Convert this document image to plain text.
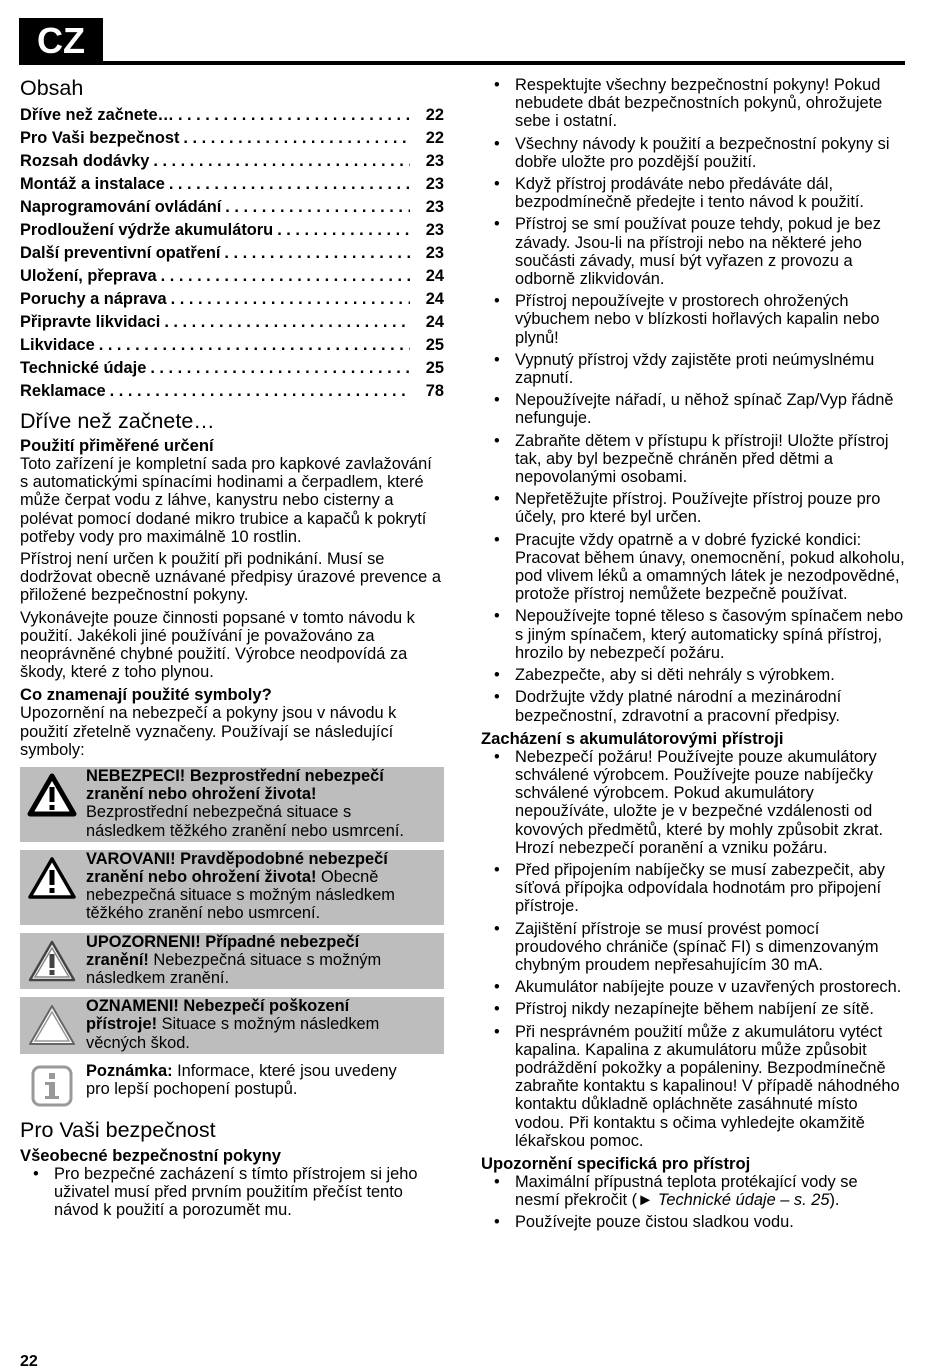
CZ
Obsah
Dříve než začnete… . . .	22
Pro Vaši bezpečnost . . .	22
Rozsah dodávky . . .	23
Montáž a instalace . . .	23
Naprogramování ovládání . . .	23
Prodloužení výdrže akumulátoru . . .	23
Další preventivní opatření . . .	23
Uložení, přeprava . . .	24
Poruchy a náprava . . .	24
Připravte likvidaci . . .	24
Likvidace . . .	25
Technické údaje . . .	25
Reklamace . . .	78
Dříve než začnete…
Použití přiměřené určení

Toto zařízení je kompletní sada pro kapkové zavlažování s automatickými spínacími hodinami a čerpadlem, které může čerpat vodu z láhve, kanystru nebo cisterny a polévat pomocí dodané mikro trubice a kapačů k pokrytí potřeby vody pro maximálně 10 rostlin.

Přístroj není určen k použití při podnikání. Musí se dodržovat obecně uznávané předpisy úrazové prevence a přiložené bezpečnostní pokyny.

Vykonávejte pouze činnosti popsané v tomto návodu k použití. Jakékoli jiné používání je považováno za neoprávněné chybné použití. Výrobce neodpovídá za škody, které z toho plynou.

Co znamenají použité symboly?

Upozornění na nebezpečí a pokyny jsou v návodu k použití zřetelně vyznačeny. Používají se následující symboly:

NEBEZPECI! Bezprostřední nebezpečí zranění nebo ohrožení života! Bezprostřední nebezpečná situace s následkem těžkého zranění nebo usmrcení.
VAROVANI! Pravděpodobné nebezpečí zranění nebo ohrožení života! Obecně nebezpečná situace s možným následkem těžkého zranění nebo usmrcení.
UPOZORNENI! Případné nebezpečí zranění! Nebezpečná situace s možným následkem zranění.
OZNAMENI! Nebezpečí poškození přístroje! Situace s možným následkem věcných škod.
Poznámka: Informace, které jsou uvedeny pro lepší pochopení postupů.
Pro Vaši bezpečnost
Všeobecné bezpečnostní pokyny
• Pro bezpečné zacházení s tímto přístrojem si jeho uživatel musí před prvním použitím přečíst tento návod k použití a porozumět mu.
• Respektujte všechny bezpečnostní pokyny! Pokud nebudete dbát bezpečnostních pokynů, ohrožujete sebe i ostatní.
• Všechny návody k použití a bezpečnostní pokyny si dobře uložte pro pozdější použití.
• Když přístroj prodáváte nebo předáváte dál, bezpodmínečně předejte i tento návod k použití.
• Přístroj se smí používat pouze tehdy, pokud je bez závady. Jsou-li na přístroji nebo na některé jeho součásti závady, musí být vyřazen z provozu a odborně zlikvidován.
• Přístroj nepoužívejte v prostorech ohrožených výbuchem nebo v blízkosti hořlavých kapalin nebo plynů!
• Vypnutý přístroj vždy zajistěte proti neúmyslnému zapnutí.
• Nepoužívejte nářadí, u něhož spínač Zap/Vyp řádně nefunguje.
• Zabraňte dětem v přístupu k přístroji! Uložte přístroj tak, aby byl bezpečně chráněn před dětmi a nepovolanými osobami.
• Nepřetěžujte přístroj. Používejte přístroj pouze pro účely, pro které byl určen.
• Pracujte vždy opatrně a v dobré fyzické kondici: Pracovat během únavy, onemocnění, pokud alkoholu, pod vlivem léků a omamných látek je nezodpovědné, protože přístroj nemůžete bezpečně používat.
• Nepoužívejte topné těleso s časovým spínačem nebo s jiným spínačem, který automaticky spíná přístroj, hrozilo by nebezpečí požáru.
• Zabezpečte, aby si děti nehrály s výrobkem.
• Dodržujte vždy platné národní a mezinárodní bezpečnostní, zdravotní a pracovní předpisy.
Zacházení s akumulátorovými přístroji
• Nebezpečí požáru! Používejte pouze akumulátory schválené výrobcem. Používejte pouze nabíječky schválené výrobcem. Pokud akumulátory nepoužíváte, uložte je v bezpečné vzdálenosti od kovových předmětů, které by mohly způsobit zkrat. Hrozí nebezpečí poranění a vzniku požáru.
• Před připojením nabíječky se musí zabezpečit, aby síťová přípojka odpovídala hodnotám pro připojení přístroje.
• Zajištění přístroje se musí provést pomocí proudového chrániče (spínač FI) s dimenzovaným chybným proudem nepřesahujícím 30 mA.
• Akumulátor nabíjejte pouze v uzavřených prostorech.
• Přístroj nikdy nezapínejte během nabíjení ze sítě.
• Při nesprávném použití může z akumulátoru vytéct kapalina. Kapalina z akumulátoru může způsobit podráždění pokožky a popáleniny. Bezpodmínečně zabraňte kontaktu s kapalinou! V případě náhodného kontaktu důkladně opláchněte zasáhnuté místo vodou. Při kontaktu s očima vyhledejte okamžitě lékařskou pomoc.
Upozornění specifická pro přístroj
• Maximální přípustná teplota protékající vody se nesmí překročit (► Technické údaje – s. 25).
• Používejte pouze čistou sladkou vodu.
22
